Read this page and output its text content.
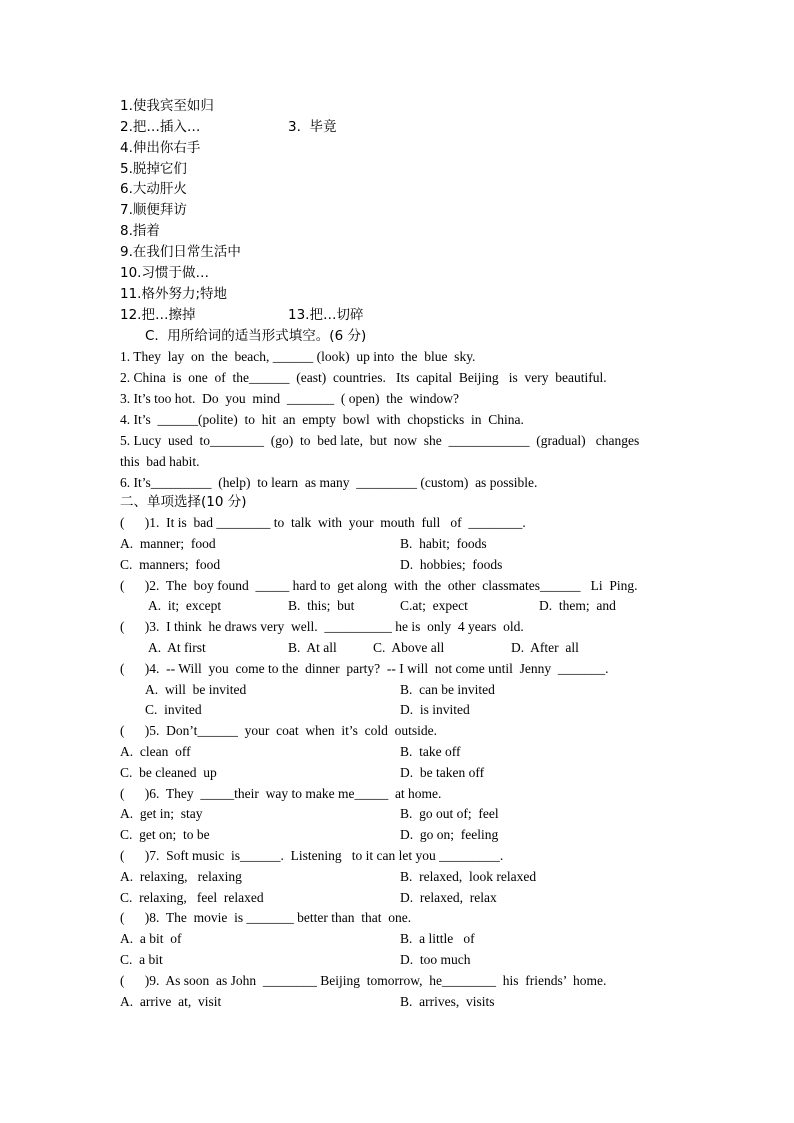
1.使我宾至如归
2.把…插入…	3.  毕竟
4.伸出你右手
5.脱掉它们
6.大动肝火
7.顺便拜访
8.指着
9.在我们日常生活中
10.习惯于做…
11.格外努力;特地
12.把…擦掉	13.把…切碎
C.  用所给词的适当形式填空。(6 分)
1. They  lay  on  the  beach, ______ (look)  up into  the  blue  sky.
2. China  is  one  of  the______  (east)  countries.   Its  capital  Beijing   is  very  beautiful.
3. It’s too hot.  Do  you  mind  _______  ( open)  the  window?
4. It’s  ______(polite)  to  hit  an  empty  bowl  with  chopsticks  in  China.
5. Lucy  used  to________  (go)  to  bed late,  but  now  she  ____________  (gradual)   changes
this  bad habit.
6. It’s_________  (help)  to learn  as many  _________ (custom)  as possible.
二、单项选择(10 分)
(      )1.  It is  bad ________ to  talk  with  your  mouth  full   of  ________.
A.  manner;  food	B.  habit;  foods
C.  manners;  food	D.  hobbies;  foods
(      )2.  The  boy found  _____ hard to  get along  with  the  other  classmates______   Li  Ping.
A.  it;  except	B.  this;  but	C.at;  expect	D.  them;  and
(      )3.  I think  he draws very  well.  __________ he is  only  4 years  old.
A.  At first	B.  At all	C.  Above all	D.  After  all
(      )4.  -- Will  you  come to the  dinner  party?  -- I will  not come until  Jenny  _______.
A.  will  be invited	B.  can be invited
C.  invited	D.  is invited
(      )5.  Don’t______  your  coat  when  it’s  cold  outside.
A.  clean  off	B.  take off
C.  be cleaned  up	D.  be taken off
(      )6.  They  _____their  way to make me_____  at home.
A.  get in;  stay	B.  go out of;  feel
C.  get on;  to be	D.  go on;  feeling
(      )7.  Soft music  is______.  Listening   to it can let you _________.
A.  relaxing,   relaxing	B.  relaxed,  look relaxed
C.  relaxing,   feel  relaxed	D.  relaxed,  relax
(      )8.  The  movie  is _______ better than  that  one.
A.  a bit  of	B.  a little   of
C.  a bit	D.  too much
(      )9.  As soon  as John  ________ Beijing  tomorrow,  he________  his  friends’  home.
A.  arrive  at,  visit	B.  arrives,  visits
